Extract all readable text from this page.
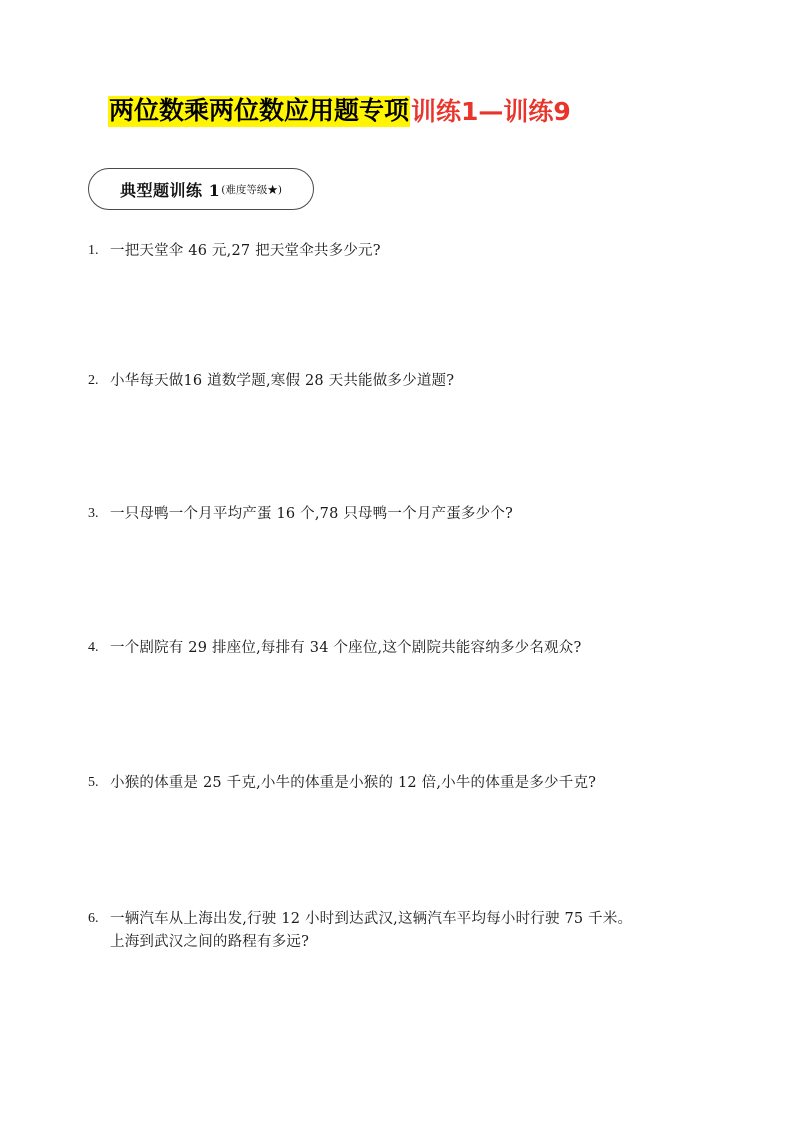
两位数乘两位数应用题专项训练1—训练9
典型题训练 1 (难度等级★)
1. 一把天堂伞 46 元,27 把天堂伞共多少元?
2. 小华每天做16 道数学题,寒假 28 天共能做多少道题?
3. 一只母鸭一个月平均产蛋 16 个,78 只母鸭一个月产蛋多少个?
4. 一个剧院有 29 排座位,每排有 34 个座位,这个剧院共能容纳多少名观众?
5. 小猴的体重是 25 千克,小牛的体重是小猴的 12 倍,小牛的体重是多少千克?
6. 一辆汽车从上海出发,行驶 12 小时到达武汉,这辆汽车平均每小时行驶 75 千米。
上海到武汉之间的路程有多远?
